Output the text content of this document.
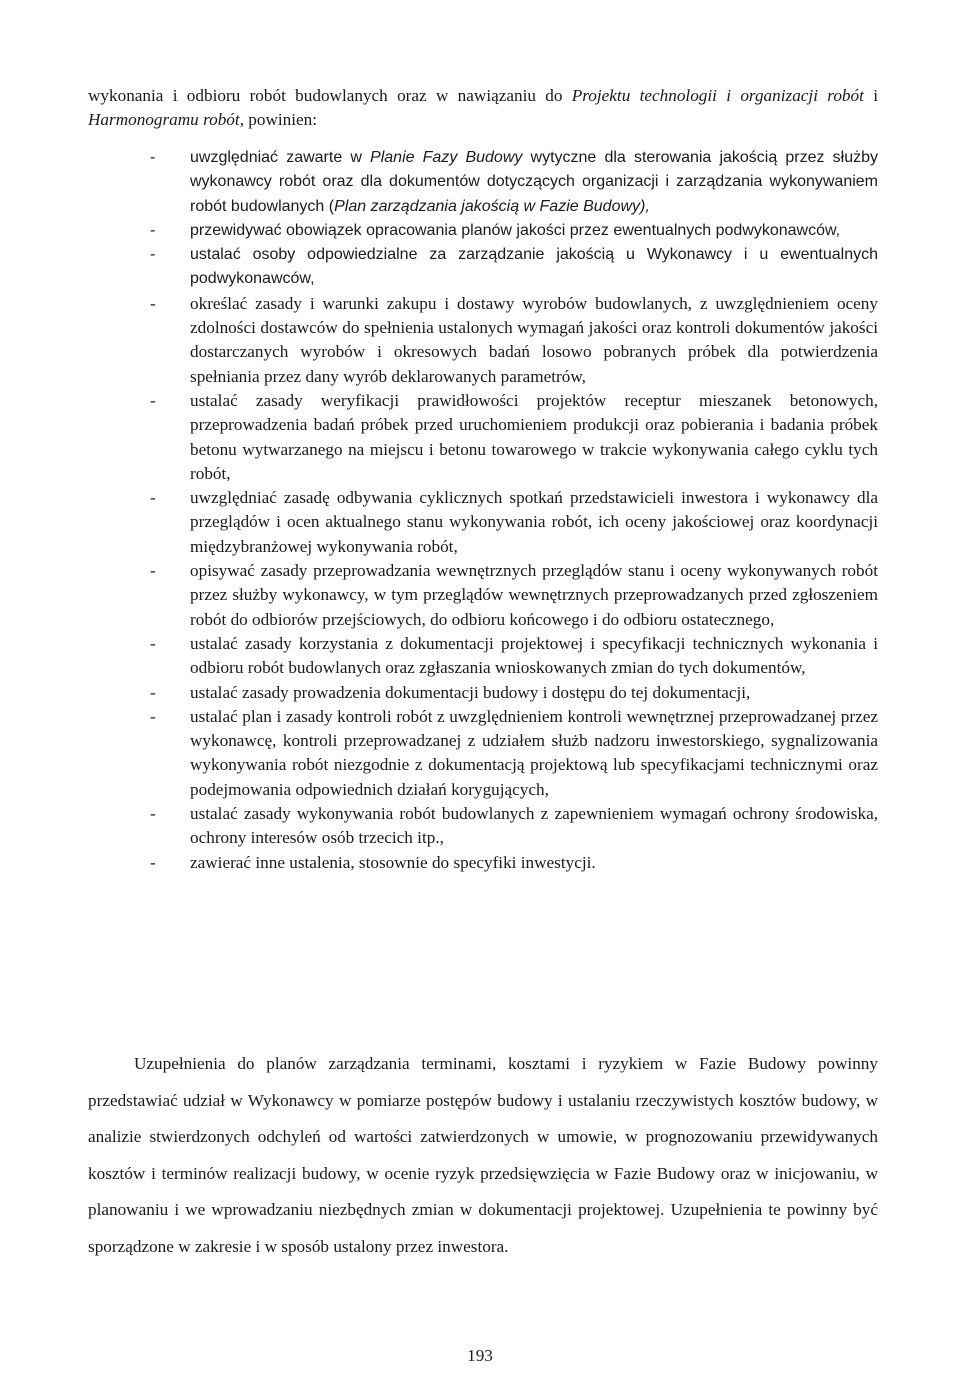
wykonania i odbioru robót budowlanych oraz w nawiązaniu do Projektu technologii i organizacji robót i Harmonogramu robót, powinien:

- uwzględniać zawarte w Planie Fazy Budowy wytyczne dla sterowania jakością przez służby wykonawcy robót oraz dla dokumentów dotyczących organizacji i zarządzania wykonywaniem robót budowlanych (Plan zarządzania jakością w Fazie Budowy),
- przewidywać obowiązek opracowania planów jakości przez ewentualnych podwykonawców,
- ustalać osoby odpowiedzialne za zarządzanie jakością u Wykonawcy i u ewentualnych podwykonawców,
- określać zasady i warunki zakupu i dostawy wyrobów budowlanych, z uwzględnieniem oceny zdolności dostawców do spełnienia ustalonych wymagań jakości oraz kontroli dokumentów jakości dostarczanych wyrobów i okresowych badań losowo pobranych próbek dla potwierdzenia spełniania przez dany wyrób deklarowanych parametrów,
- ustalać zasady weryfikacji prawidłowości projektów receptur mieszanek betonowych, przeprowadzenia badań próbek przed uruchomieniem produkcji oraz pobierania i badania próbek betonu wytwarzanego na miejscu i betonu towarowego w trakcie wykonywania całego cyklu tych robót,
- uwzględniać zasadę odbywania cyklicznych spotkań przedstawicieli inwestora i wykonawcy dla przeglądów i ocen aktualnego stanu wykonywania robót, ich oceny jakościowej oraz koordynacji międzybranżowej wykonywania robót,
- opisywać zasady przeprowadzania wewnętrznych przeglądów stanu i oceny wykonywanych robót przez służby wykonawcy, w tym przeglądów wewnętrznych przeprowadzanych przed zgłoszeniem robót do odbiorów przejściowych, do odbioru końcowego i do odbioru ostatecznego,
- ustalać zasady korzystania z dokumentacji projektowej i specyfikacji technicznych wykonania i odbioru robót budowlanych oraz zgłaszania wnioskowanych zmian do tych dokumentów,
- ustalać zasady prowadzenia dokumentacji budowy i dostępu do tej dokumentacji,
- ustalać plan i zasady kontroli robót z uwzględnieniem kontroli wewnętrznej przeprowadzanej przez wykonawcę, kontroli przeprowadzanej z udziałem służb nadzoru inwestorskiego, sygnalizowania wykonywania robót niezgodnie z dokumentacją projektową lub specyfikacjami technicznymi oraz podejmowania odpowiednich działań korygujących,
- ustalać zasady wykonywania robót budowlanych z zapewnieniem wymagań ochrony środowiska, ochrony interesów osób trzecich itp.,
- zawierać inne ustalenia, stosownie do specyfiki inwestycji.

Uzupełnienia do planów zarządzania terminami, kosztami i ryzykiem w Fazie Budowy powinny przedstawiać udział w Wykonawcy w pomiarze postępów budowy i ustalaniu rzeczywistych kosztów budowy, w analizie stwierdzonych odchyleń od wartości zatwierdzonych w umowie, w prognozowaniu przewidywanych kosztów i terminów realizacji budowy, w ocenie ryzyk przedsięwzięcia w Fazie Budowy oraz w inicjowaniu, w planowaniu i we wprowadzaniu niezbędnych zmian w dokumentacji projektowej. Uzupełnienia te powinny być sporządzone w zakresie i w sposób ustalony przez inwestora.

193
